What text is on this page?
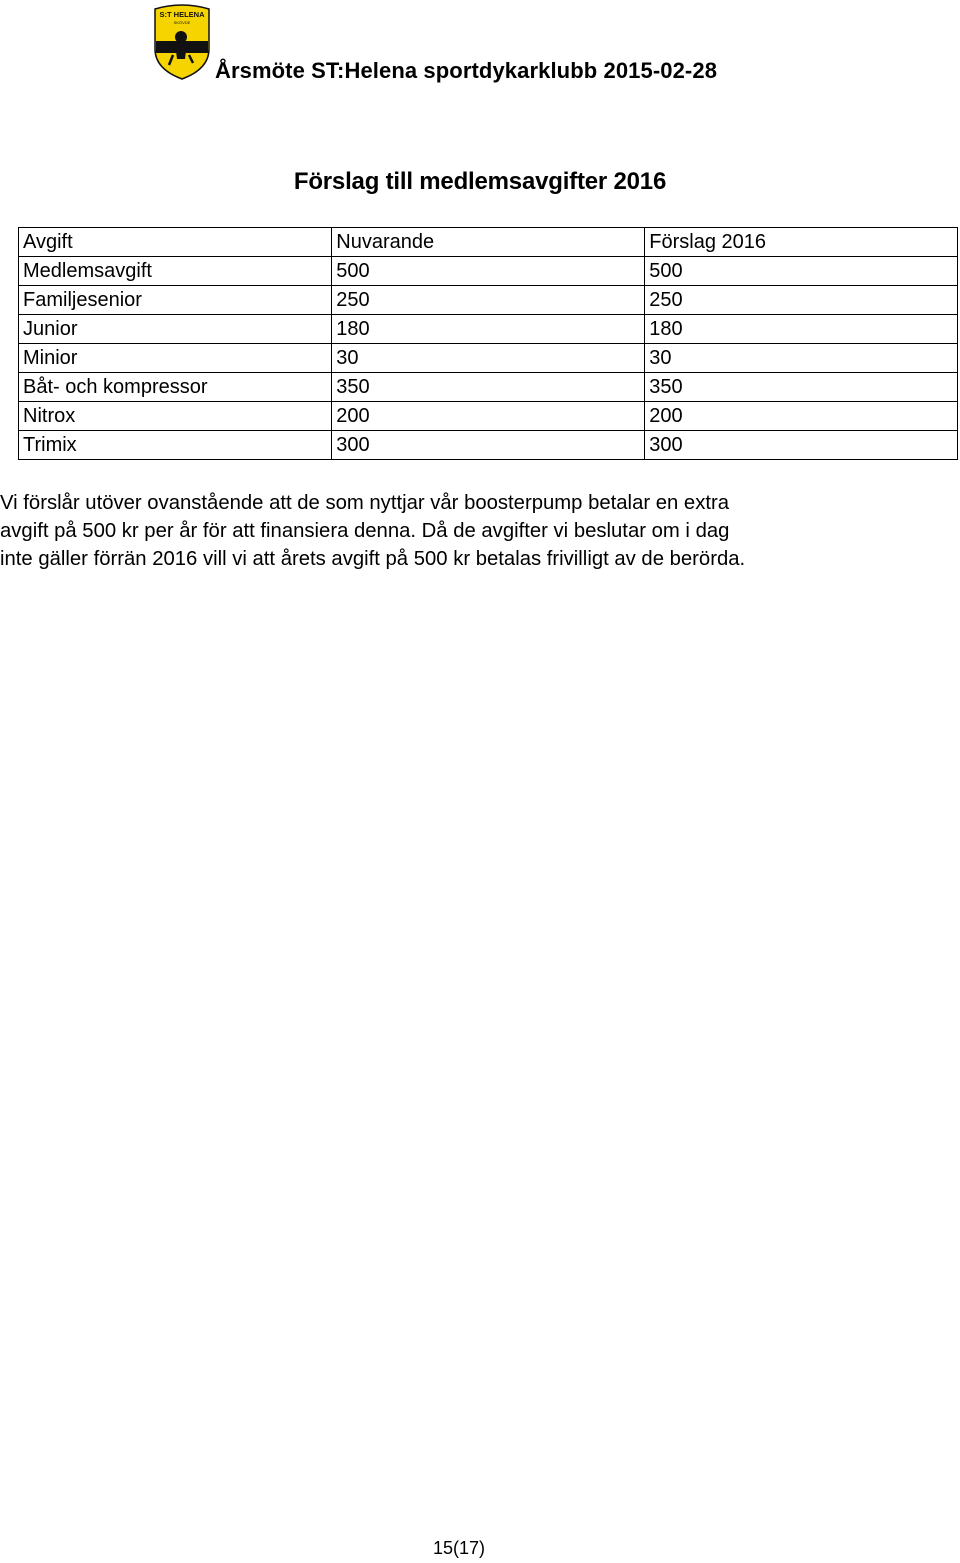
S:T HELENA
SKÖVDE
Årsmöte ST:Helena sportdykarklubb 2015-02-28
Förslag till medlemsavgifter 2016
Avgift	Nuvarande	Förslag 2016
Medlemsavgift	500	500
Familjesenior	250	250
Junior	180	180
Minior	30	30
Båt- och kompressor	350	350
Nitrox	200	200
Trimix	300	300
Vi förslår utöver ovanstående att de som nyttjar vår boosterpump betalar en extra
avgift på 500 kr per år för att finansiera denna. Då de avgifter vi beslutar om i dag
inte gäller förrän 2016 vill vi att årets avgift på 500 kr betalas frivilligt av de berörda.
15(17)
